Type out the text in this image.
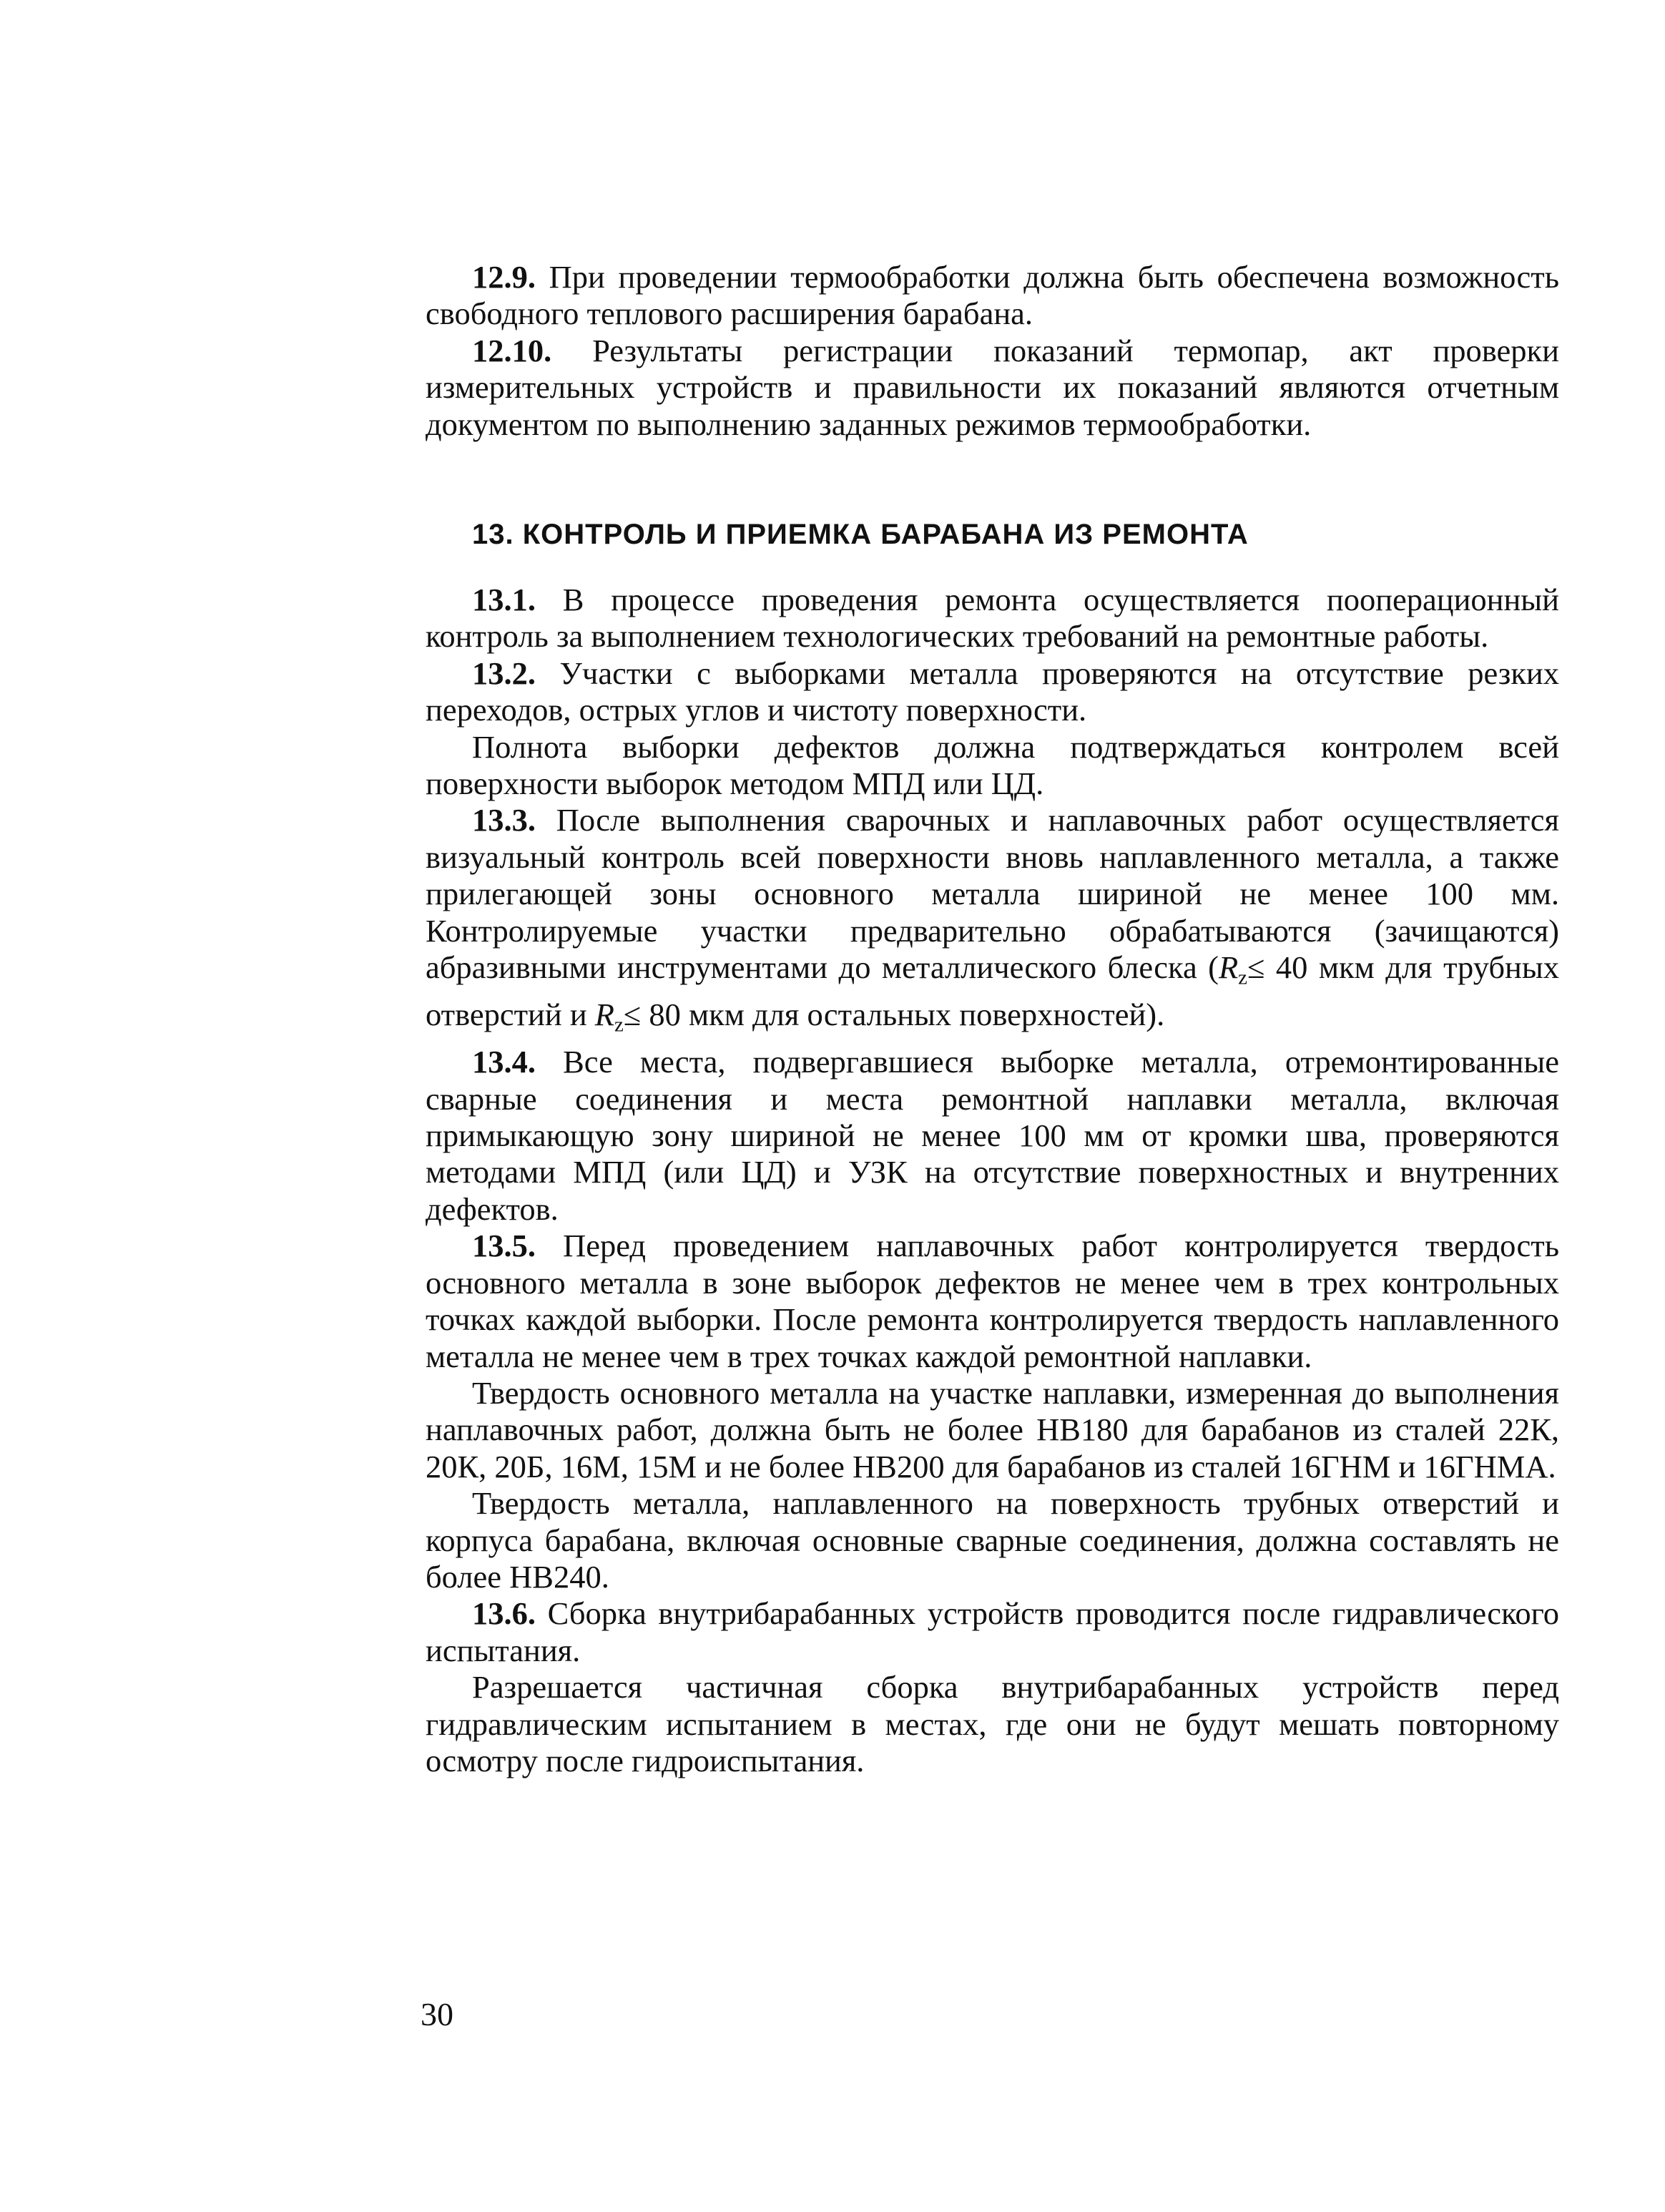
12.9. При проведении термообработки должна быть обеспечена возможность свободного теплового расширения барабана.

12.10. Результаты регистрации показаний термопар, акт проверки измерительных устройств и правильности их показаний являются отчетным документом по выполнению заданных режимов термообработки.

13. КОНТРОЛЬ И ПРИЕМКА БАРАБАНА ИЗ РЕМОНТА

13.1. В процессе проведения ремонта осуществляется пооперационный контроль за выполнением технологических требований на ремонтные работы.

13.2. Участки с выборками металла проверяются на отсутствие резких переходов, острых углов и чистоту поверхности.

Полнота выборки дефектов должна подтверждаться контролем всей поверхности выборок методом МПД или ЦД.

13.3. После выполнения сварочных и наплавочных работ осуществляется визуальный контроль всей поверхности вновь наплавленного металла, а также прилегающей зоны основного металла шириной не менее 100 мм. Контролируемые участки предварительно обрабатываются (зачищаются) абразивными инструментами до металлического блеска ($R_z\le 40$ мкм для трубных отверстий и $R_z\le 80$ мкм для остальных поверхностей).

13.4. Все места, подвергавшиеся выборке металла, отремонтированные сварные соединения и места ремонтной наплавки металла, включая примыкающую зону шириной не менее 100 мм от кромки шва, проверяются методами МПД (или ЦД) и УЗК на отсутствие поверхностных и внутренних дефектов.

13.5. Перед проведением наплавочных работ контролируется твердость основного металла в зоне выборок дефектов не менее чем в трех контрольных точках каждой выборки. После ремонта контролируется твердость наплавленного металла не менее чем в трех точках каждой ремонтной наплавки.

Твердость основного металла на участке наплавки, измеренная до выполнения наплавочных работ, должна быть не более НВ180 для барабанов из сталей 22К, 20К, 20Б, 16М, 15М и не более НВ200 для барабанов из сталей 16ГНМ и 16ГНМА.

Твердость металла, наплавленного на поверхность трубных отверстий и корпуса барабана, включая основные сварные соединения, должна составлять не более НВ240.

13.6. Сборка внутрибарабанных устройств проводится после гидравлического испытания.

Разрешается частичная сборка внутрибарабанных устройств перед гидравлическим испытанием в местах, где они не будут мешать повторному осмотру после гидроиспытания.

30
